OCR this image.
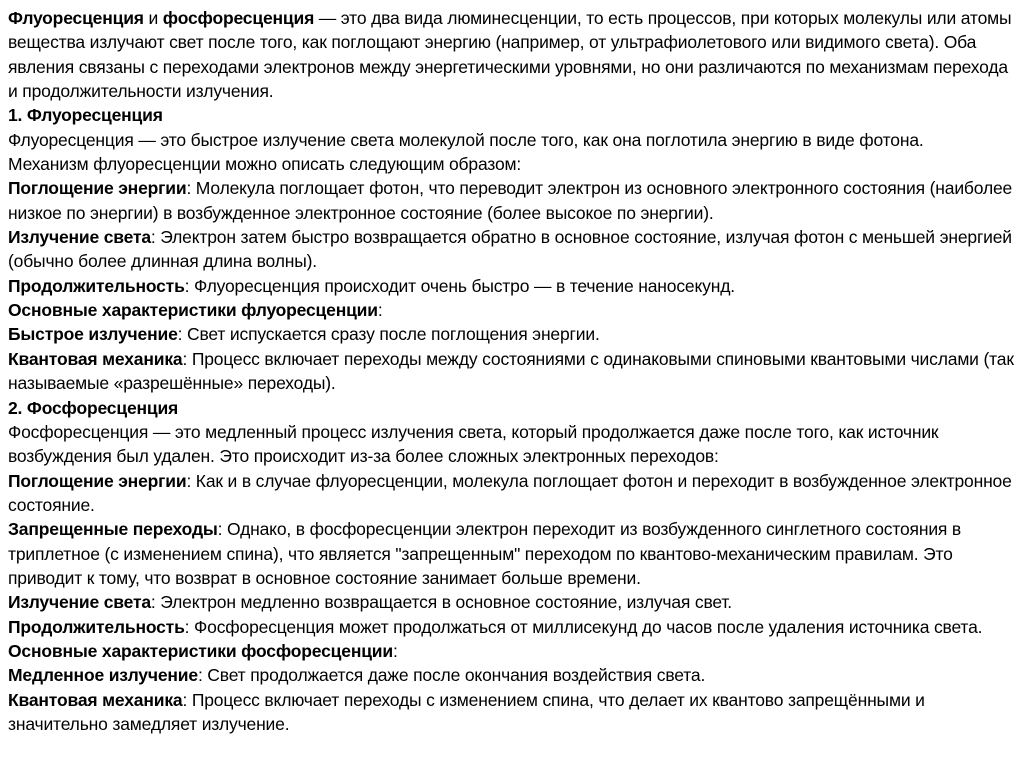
Флуоресценция и фосфоресценция — это два вида люминесценции, то есть процессов, при которых молекулы или атомы вещества излучают свет после того, как поглощают энергию (например, от ультрафиолетового или видимого света). Оба явления связаны с переходами электронов между энергетическими уровнями, но они различаются по механизмам перехода и продолжительности излучения.

1. Флуоресценция

Флуоресценция — это быстрое излучение света молекулой после того, как она поглотила энергию в виде фотона.

Механизм флуоресценции можно описать следующим образом:

Поглощение энергии: Молекула поглощает фотон, что переводит электрон из основного электронного состояния (наиболее низкое по энергии) в возбужденное электронное состояние (более высокое по энергии).

Излучение света: Электрон затем быстро возвращается обратно в основное состояние, излучая фотон с меньшей энергией (обычно более длинная длина волны).

Продолжительность: Флуоресценция происходит очень быстро — в течение наносекунд.

Основные характеристики флуоресценции:

Быстрое излучение: Свет испускается сразу после поглощения энергии.

Квантовая механика: Процесс включает переходы между состояниями с одинаковыми спиновыми квантовыми числами (так называемые «разрешённые» переходы).

2. Фосфоресценция

Фосфоресценция — это медленный процесс излучения света, который продолжается даже после того, как источник возбуждения был удален. Это происходит из-за более сложных электронных переходов:

Поглощение энергии: Как и в случае флуоресценции, молекула поглощает фотон и переходит в возбужденное электронное состояние.

Запрещенные переходы: Однако, в фосфоресценции электрон переходит из возбужденного синглетного состояния в триплетное (с изменением спина), что является "запрещенным" переходом по квантово-механическим правилам. Это приводит к тому, что возврат в основное состояние занимает больше времени.

Излучение света: Электрон медленно возвращается в основное состояние, излучая свет.

Продолжительность: Фосфоресценция может продолжаться от миллисекунд до часов после удаления источника света.

Основные характеристики фосфоресценции:

Медленное излучение: Свет продолжается даже после окончания воздействия света.

Квантовая механика: Процесс включает переходы с изменением спина, что делает их квантово запрещёнными и значительно замедляет излучение.
